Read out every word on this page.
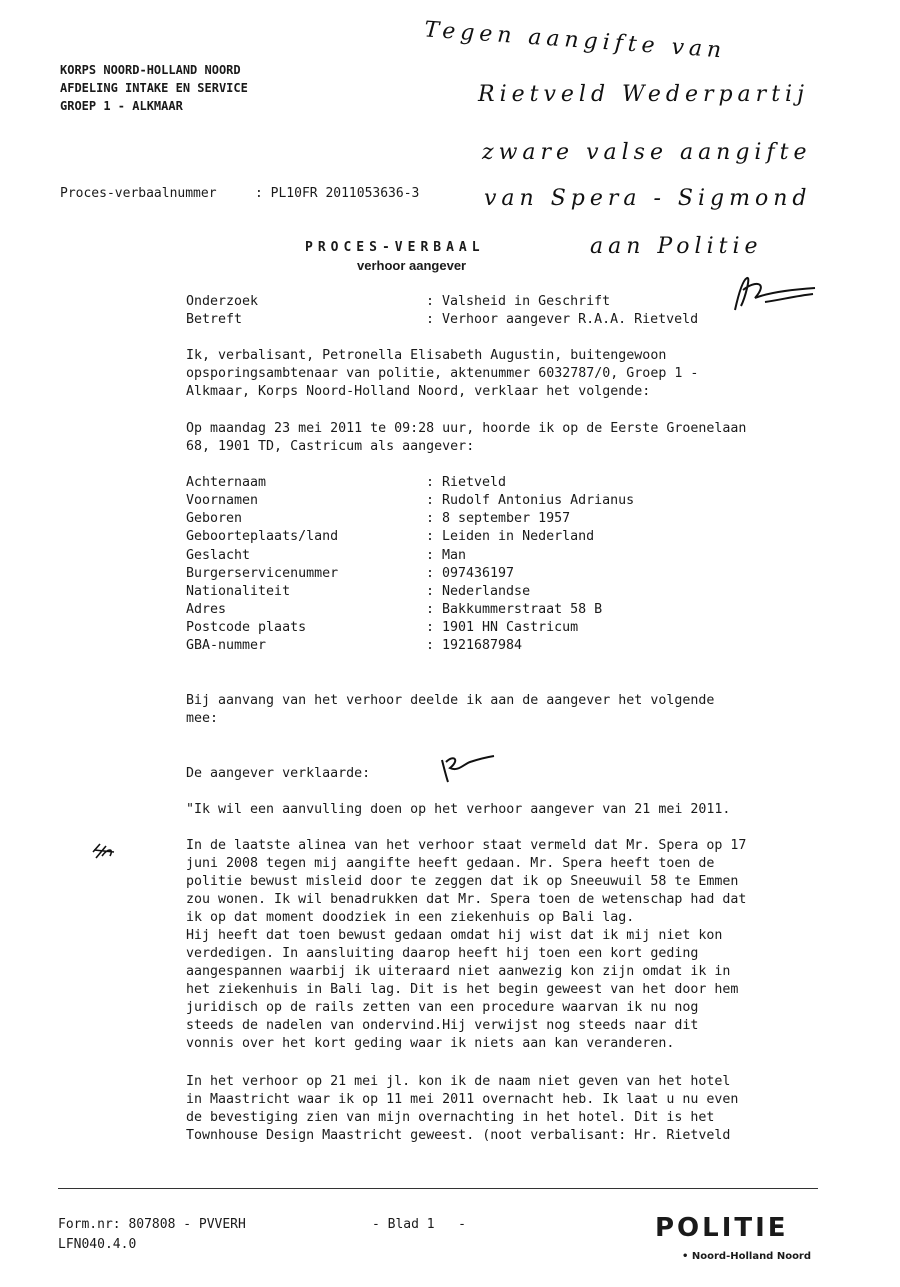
KORPS NOORD-HOLLAND NOORD
AFDELING INTAKE EN SERVICE
GROEP 1 - ALKMAAR
Tegen aangifte van
Rietveld Wederpartij
zware valse aangifte
van Spera - Sigmond
aan Politie
Proces-verbaalnummer	: PL10FR 2011053636-3
PROCES-VERBAAL
verhoor aangever
Onderzoek	: Valsheid in Geschrift
Betreft	: Verhoor aangever R.A.A. Rietveld
Ik, verbalisant, Petronella Elisabeth Augustin, buitengewoon
opsporingsambtenaar van politie, aktenummer 6032787/0, Groep 1 -
Alkmaar, Korps Noord-Holland Noord, verklaar het volgende:
Op maandag 23 mei 2011 te 09:28 uur, hoorde ik op de Eerste Groenelaan
68, 1901 TD, Castricum als aangever:
Achternaam	: Rietveld
Voornamen	: Rudolf Antonius Adrianus
Geboren	: 8 september 1957
Geboorteplaats/land	: Leiden in Nederland
Geslacht	: Man
Burgerservicenummer	: 097436197
Nationaliteit	: Nederlandse
Adres	: Bakkummerstraat 58 B
Postcode plaats	: 1901 HN Castricum
GBA-nummer	: 1921687984
Bij aanvang van het verhoor deelde ik aan de aangever het volgende
mee:
De aangever verklaarde:
"Ik wil een aanvulling doen op het verhoor aangever van 21 mei 2011.
In de laatste alinea van het verhoor staat vermeld dat Mr. Spera op 17
juni 2008 tegen mij aangifte heeft gedaan. Mr. Spera heeft toen de
politie bewust misleid door te zeggen dat ik op Sneeuwuil 58 te Emmen
zou wonen. Ik wil benadrukken dat Mr. Spera toen de wetenschap had dat
ik op dat moment doodziek in een ziekenhuis op Bali lag.
Hij heeft dat toen bewust gedaan omdat hij wist dat ik mij niet kon
verdedigen. In aansluiting daarop heeft hij toen een kort geding
aangespannen waarbij ik uiteraard niet aanwezig kon zijn omdat ik in
het ziekenhuis in Bali lag. Dit is het begin geweest van het door hem
juridisch op de rails zetten van een procedure waarvan ik nu nog
steeds de nadelen van ondervind.Hij verwijst nog steeds naar dit
vonnis over het kort geding waar ik niets aan kan veranderen.
In het verhoor op 21 mei jl. kon ik de naam niet geven van het hotel
in Maastricht waar ik op 11 mei 2011 overnacht heb. Ik laat u nu even
de bevestiging zien van mijn overnachting in het hotel. Dit is het
Townhouse Design Maastricht geweest. (noot verbalisant: Hr. Rietveld
Form.nr: 807808 - PVVERH	- Blad 1   -
LFN040.4.0
POLITIE
• Noord-Holland Noord
